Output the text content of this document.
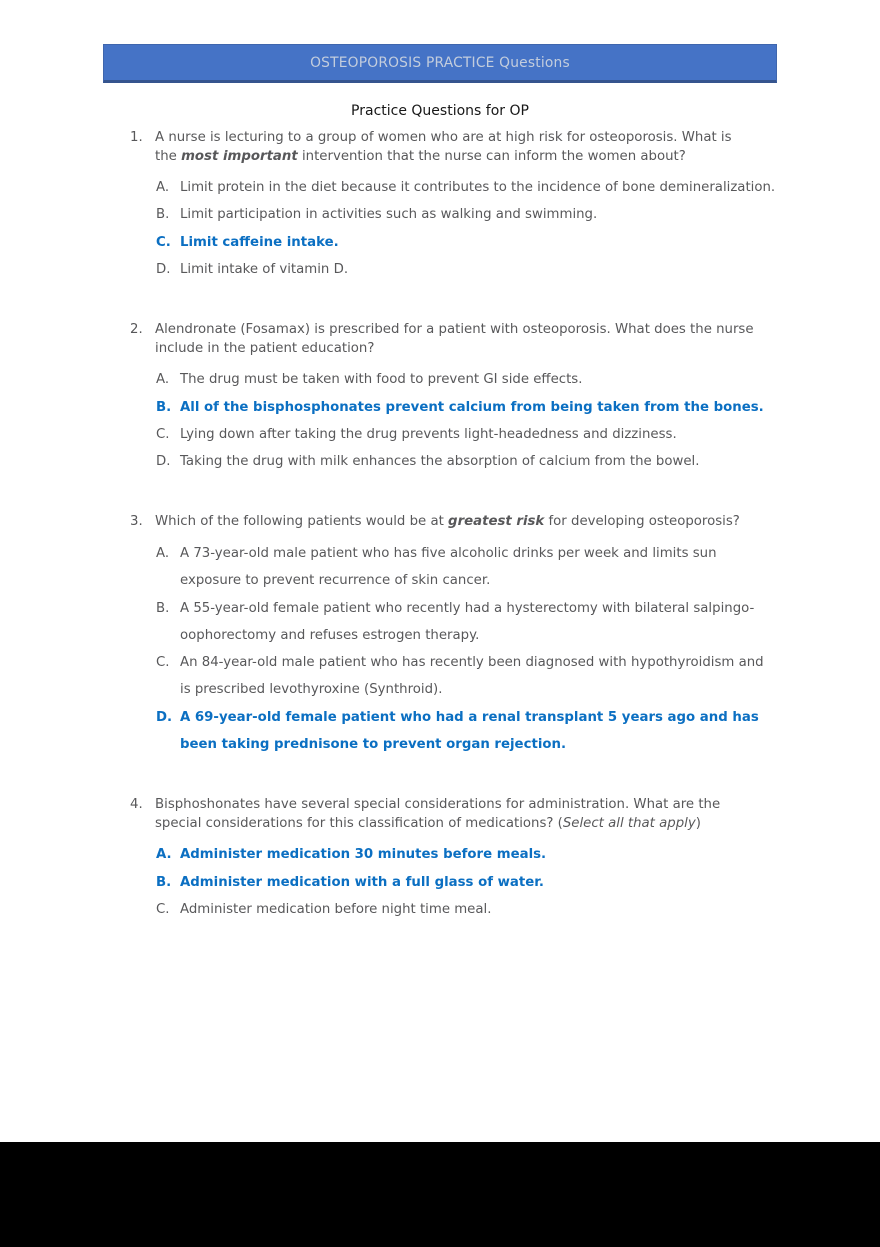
OSTEOPOROSIS PRACTICE Questions
Practice Questions for OP
1. A nurse is lecturing to a group of women who are at high risk for osteoporosis. What is the most important intervention that the nurse can inform the women about?
A. Limit protein in the diet because it contributes to the incidence of bone demineralization.
B. Limit participation in activities such as walking and swimming.
C. Limit caffeine intake.
D. Limit intake of vitamin D.
2. Alendronate (Fosamax) is prescribed for a patient with osteoporosis. What does the nurse include in the patient education?
A. The drug must be taken with food to prevent GI side effects.
B. All of the bisphosphonates prevent calcium from being taken from the bones.
C. Lying down after taking the drug prevents light-headedness and dizziness.
D. Taking the drug with milk enhances the absorption of calcium from the bowel.
3. Which of the following patients would be at greatest risk for developing osteoporosis?
A. A 73-year-old male patient who has five alcoholic drinks per week and limits sun exposure to prevent recurrence of skin cancer.
B. A 55-year-old female patient who recently had a hysterectomy with bilateral salpingo-oophorectomy and refuses estrogen therapy.
C. An 84-year-old male patient who has recently been diagnosed with hypothyroidism and is prescribed levothyroxine (Synthroid).
D. A 69-year-old female patient who had a renal transplant 5 years ago and has been taking prednisone to prevent organ rejection.
4. Bisphoshonates have several special considerations for administration. What are the special considerations for this classification of medications? (Select all that apply)
A. Administer medication 30 minutes before meals.
B. Administer medication with a full glass of water.
C. Administer medication before night time meal.
